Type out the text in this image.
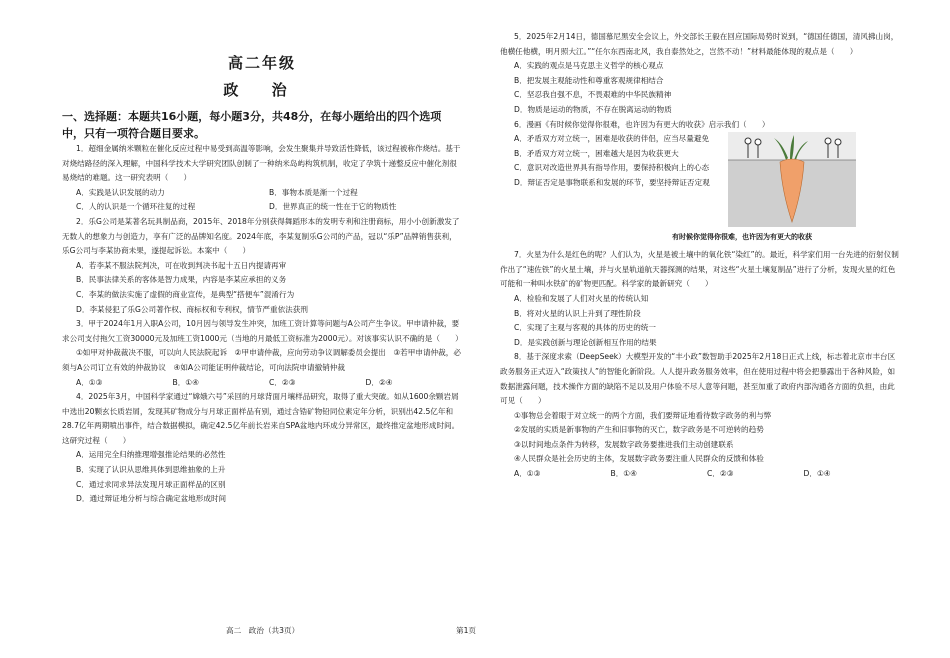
高二年级
政 治
一、选择题：本题共16小题，每小题3分，共48分，在每小题给出的四个选项中，只有一项符合题目要求。

1．超细金属纳米颗粒在催化反应过程中易受到高温等影响，会发生聚集并导致活性降低，该过程被称作烧结。基于对烧结路径的深入理解，中国科学技术大学研究团队创制了一种纳米岛屿构筑机制，收定了孕筑十递整反应中催化剂很易烧结的难题。这一研究表明（　　）

A．实践是认识发展的动力	B．事物本质是渐一个过程
C．人的认识是一个循环往复的过程	D．世界真正的统一性在于它的物质性

2．乐G公司是某著名玩具制品商，2015年、2018年分别获得舞蹈形本的发明专利和注册商标，用小小创新激发了无数人的想象力与创造力，享有广泛的品牌知名度。2024年底，李某复制乐G公司的产品，冠以“乐P”品牌销售获利，乐G公司与李某协商未果，遂提起诉讼。本案中（　　）

A．若李某不服法院判决，可在收到判决书起十五日内提请再审

B．民事法律关系的客体是智力成果，内容是李某应承担的义务

C．李某的做法实施了虚假的商业宣传，是典型“搭便车”混淆行为

D．李某侵犯了乐G公司著作权、商标权和专利权，情节严重依法获刑

3．甲于2024年1月入职A公司，10月因与领导发生冲突，加班工资计算等问题与A公司产生争议。甲申请仲裁，要求公司支付拖欠工资30000元及加班工资1000元（当地的月最低工资标准为2000元）。对该事实认识不确的是（　　）

①如甲对仲裁裁决不服，可以向人民法院起诉　②甲申请仲裁，应向劳动争议调解委员会提出　③若甲申请仲裁，必须与A公司订立有效的仲裁协议　④如A公司能证明仲裁结论，可向法院申请撤销仲裁

A．①③	B．①④	C．②③	D．②④

4．2025年3月，中国科学家通过“嫦娥六号”采回的月球背面月壤样品研究，取得了重大突破。如从1600余颗岩屑中选出20颗玄长质岩屑，发现其矿物成分与月球正面样品有别，通过含锆矿物铅同位素定年分析，识别出42.5亿年和28.7亿年两期喷出事件，结合数据模拟，确定42.5亿年前长岩来自SPA盆地内环成分异常区，最终推定盆地形成时间。这研究过程（　　）

A．运用完全归纳推理增强推论结果的必然性

B．实现了认识从思维具体到思维抽象的上升

C．通过求同求异法发现月球正面样品的区别

D．通过辩证地分析与综合确定盆地形成时间

5．2025年2月14日，德国慕尼黑安全会议上，外交部长王毅在回应国际局势时说到，“德国任德国，清风拂山岗，他横任他横，明月照大江。”“任尔东西南北风，我自泰然处之，岂然不动！”材料最能体现的观点是（　　）

A．实践的观点是马克思主义哲学的核心观点

B．把发展主观能动性和尊重客观规律相结合

C．坚忍我自强不息，不畏艰难的中华民族精神

D．物质是运动的物质，不存在脱离运动的物质

6．漫画《有时候你觉得你很难，也许因为有更大的收获》启示我们（　　）

A．矛盾双方对立统一，困难是收获的伴侣，应当尽量避免

B．矛盾双方对立统一，困难越大是因为收获更大

C．意识对改造世界具有指导作用，要保持积极向上的心态

D．辩证否定是事物联系和发展的环节，要坚持辩证否定观

有时候你觉得你很难，也许因为有更大的收获

7．火星为什么是红色的呢？人们认为，火星是被土壤中的氧化铁“染红”的。最近，科学家们用一台先进的衍射仪制作出了“速佐铁”的火星土壤，并与火星轨道航天器探测的结果，对这些“火星土壤复制品”进行了分析，发现火星的红色可能和一种叫水铁矿的矿物更匹配。科学家的最新研究（　　）

A．检验和发展了人们对火星的传统认知

B．将对火星的认识上升到了理性阶段

C．实现了主观与客观的具体的历史的统一

D．是实践创新与理论创新相互作用的结果

8．基于深度求索（DeepSeek）大模型开发的“丰小政”数智助手2025年2月18日正式上线，标志着北京市丰台区政务服务正式迈入“政策找人”的智能化新阶段。人人提升政务服务效率，但在使用过程中将会把暴露出于各种风险，如数据泄露问题，技术操作方面的缺陷不足以及用户体验不尽人意等问题，甚至加重了政府内部沟通各方面的负担，由此可见（　　）

①事物总会着眼于对立统一的两个方面，我们要辩证地看待数字政务的利与弊

②发展的实质是新事物的产生和旧事物的灭亡，数字政务是不可逆转的趋势

③以时间地点条件为转移，发展数字政务要推进我们主动创建联系

④人民群众是社会历史的主体，发展数字政务要注重人民群众的反馈和体验

A．①③	B．①④	C．②③	D．①④
高二　政治（共3页）	第1页
